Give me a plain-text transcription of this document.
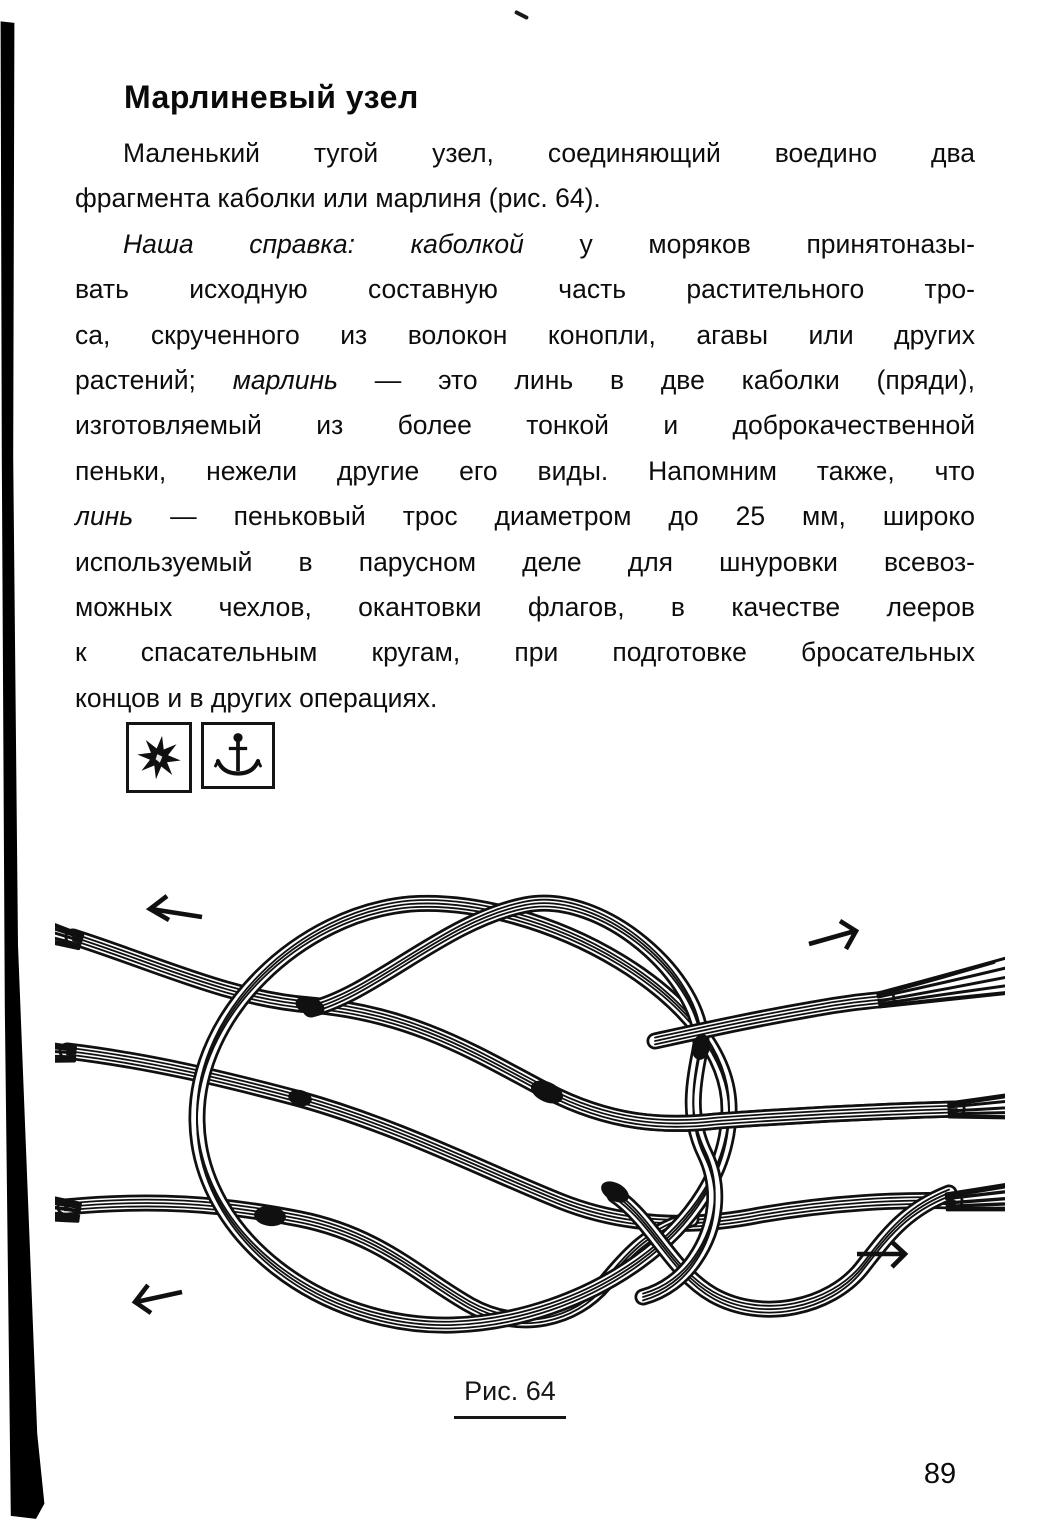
Марлиневый узел
Маленький тугой узел, соединяющий воедино два
фрагмента каболки или марлиня (рис. 64).
Наша справка: каболкой у моряков принятоназы-
вать исходную составную часть растительного тро-
са, скрученного из волокон конопли, агавы или других
растений; марлинь — это линь в две каболки (пряди),
изготовляемый из более тонкой и доброкачественной
пеньки, нежели другие его виды. Напомним также, что
линь — пеньковый трос диаметром до 25 мм, широко
используемый в парусном деле для шнуровки всевоз-
можных чехлов, окантовки флагов, в качестве лееров
к спасательным кругам, при подготовке бросательных
концов и в других операциях.
Рис. 64
89
